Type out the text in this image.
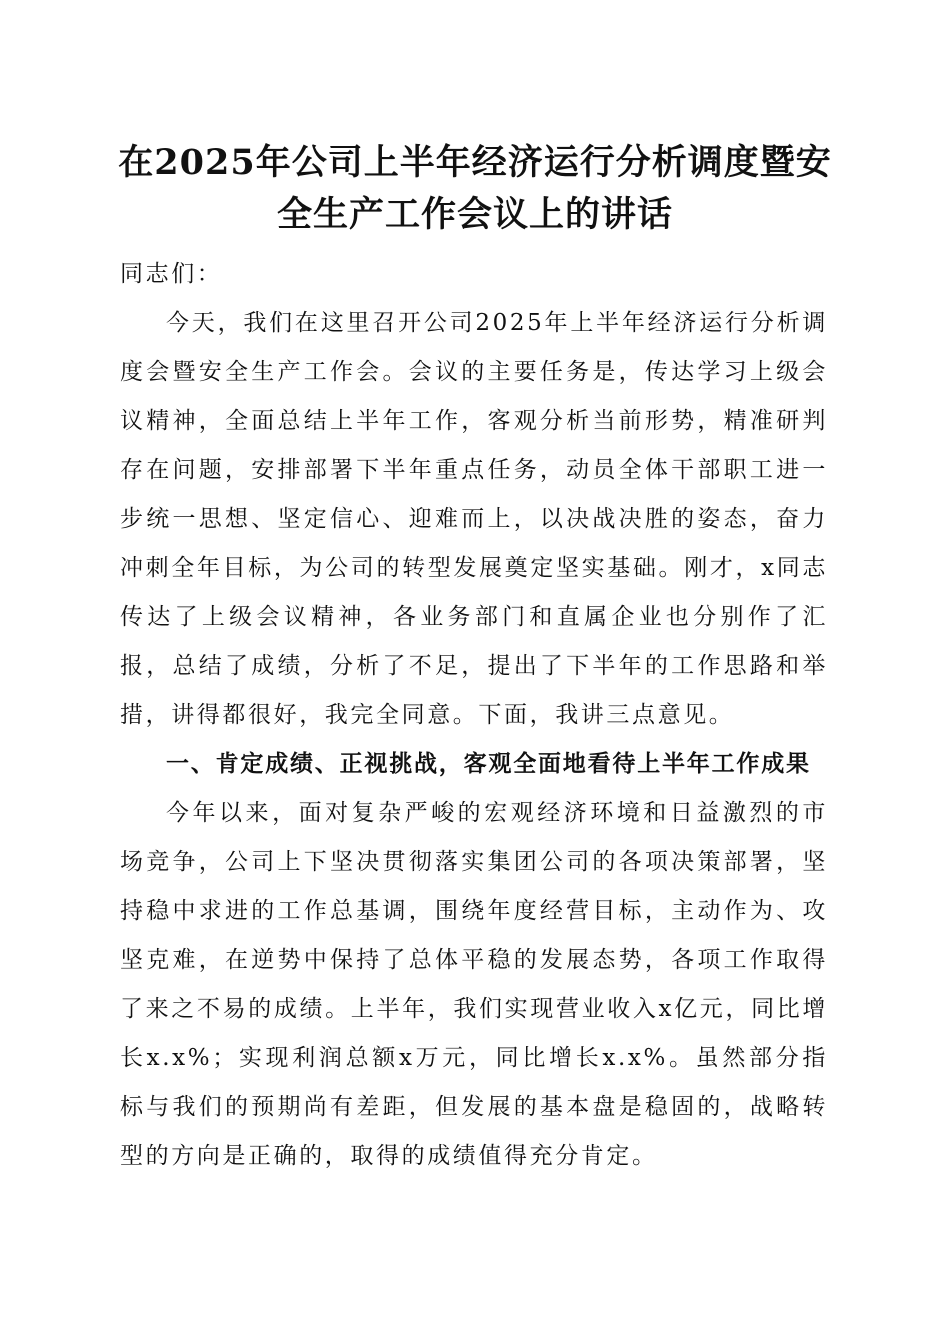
在2025年公司上半年经济运行分析调度暨安
全生产工作会议上的讲话

同志们：

今天，我们在这里召开公司2025年上半年经济运行分析调度会暨安全生产工作会。会议的主要任务是，传达学习上级会议精神，全面总结上半年工作，客观分析当前形势，精准研判存在问题，安排部署下半年重点任务，动员全体干部职工进一步统一思想、坚定信心、迎难而上，以决战决胜的姿态，奋力冲刺全年目标，为公司的转型发展奠定坚实基础。刚才，x同志传达了上级会议精神，各业务部门和直属企业也分别作了汇报，总结了成绩，分析了不足，提出了下半年的工作思路和举措，讲得都很好，我完全同意。下面，我讲三点意见。

一、肯定成绩、正视挑战，客观全面地看待上半年工作成果

今年以来，面对复杂严峻的宏观经济环境和日益激烈的市场竞争，公司上下坚决贯彻落实集团公司的各项决策部署，坚持稳中求进的工作总基调，围绕年度经营目标，主动作为、攻坚克难，在逆势中保持了总体平稳的发展态势，各项工作取得了来之不易的成绩。上半年，我们实现营业收入x亿元，同比增长x.x%；实现利润总额x万元，同比增长x.x%。虽然部分指标与我们的预期尚有差距，但发展的基本盘是稳固的，战略转型的方向是正确的，取得的成绩值得充分肯定。
